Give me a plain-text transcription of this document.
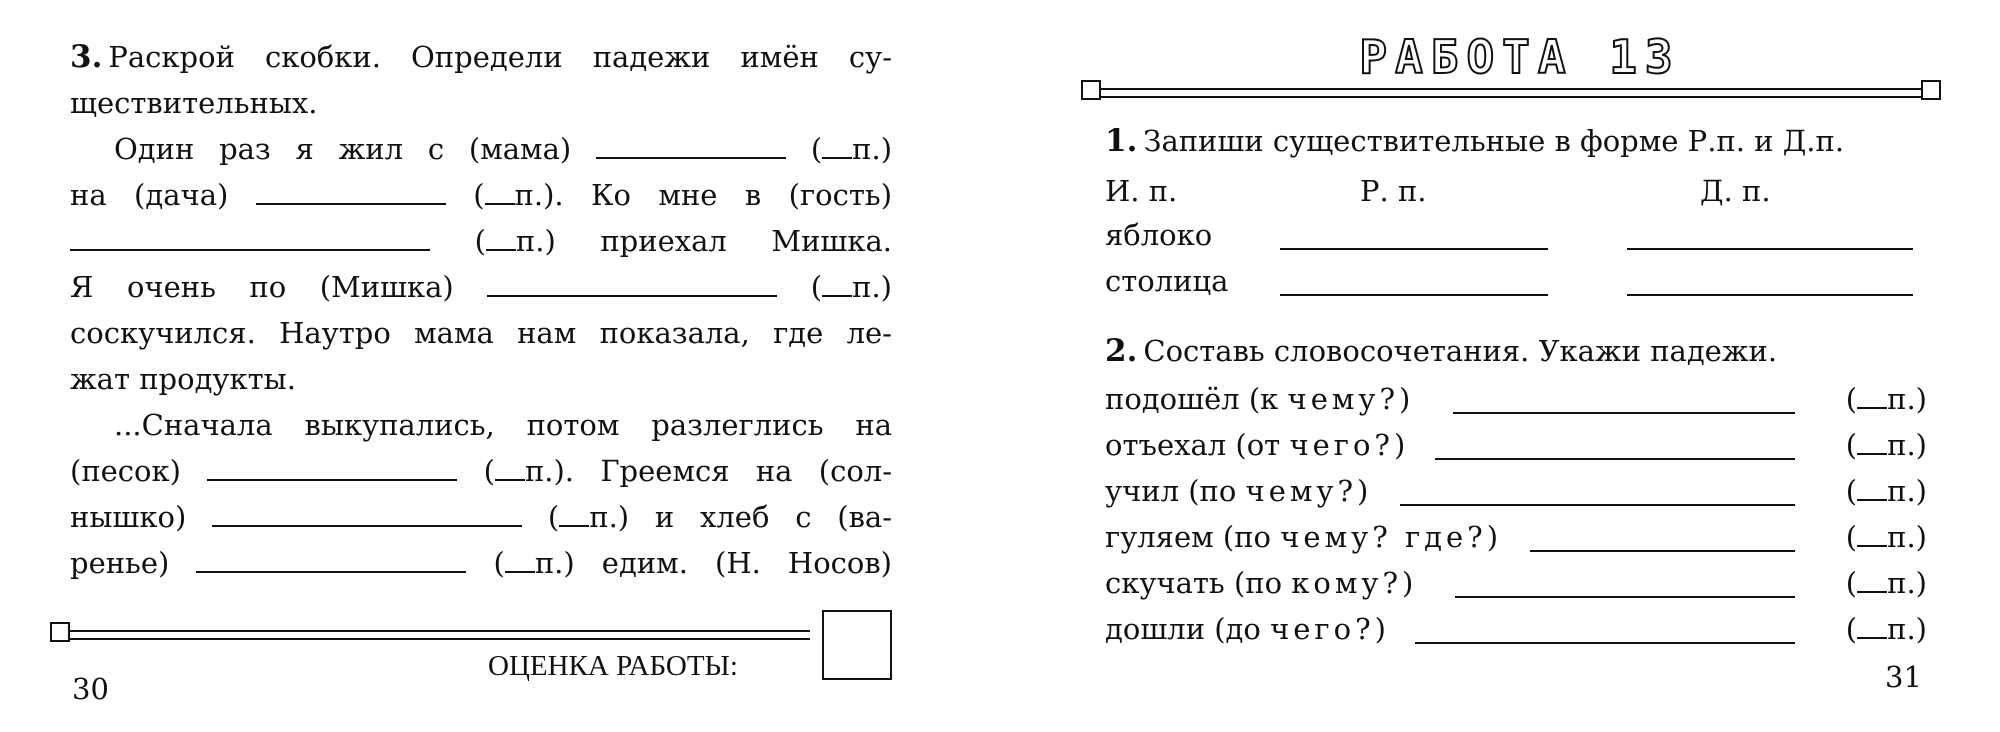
3. Раскрой скобки. Определи падежи имён су-
ществительных.
Один раз я жил с (мама)	( п.)
на (дача)	( п.). Ко мне в (гость)
( п.) приехал Мишка.
Я очень по (Мишка)	( п.)
соскучился. Наутро мама нам показала, где ле-
жат продукты.
...Сначала выкупались, потом разлеглись на
(песок)	( п.). Греемся на (сол-
нышко)	( п.) и хлеб с (ва-
ренье)	( п.) едим. (Н. Носов)
ОЦЕНКА РАБОТЫ:
30
РАБОТА 13
1. Запиши существительные в форме Р.п. и Д.п.
И. п.	Р. п.	Д. п.
яблоко
столица
2. Составь словосочетания. Укажи падежи.
подошёл (к чему?)	( п.)
отъехал (от чего?)	( п.)
учил (по чему?)	( п.)
гуляем (по чему? где?)	( п.)
скучать (по кому?)	( п.)
дошли (до чего?)	( п.)
31
